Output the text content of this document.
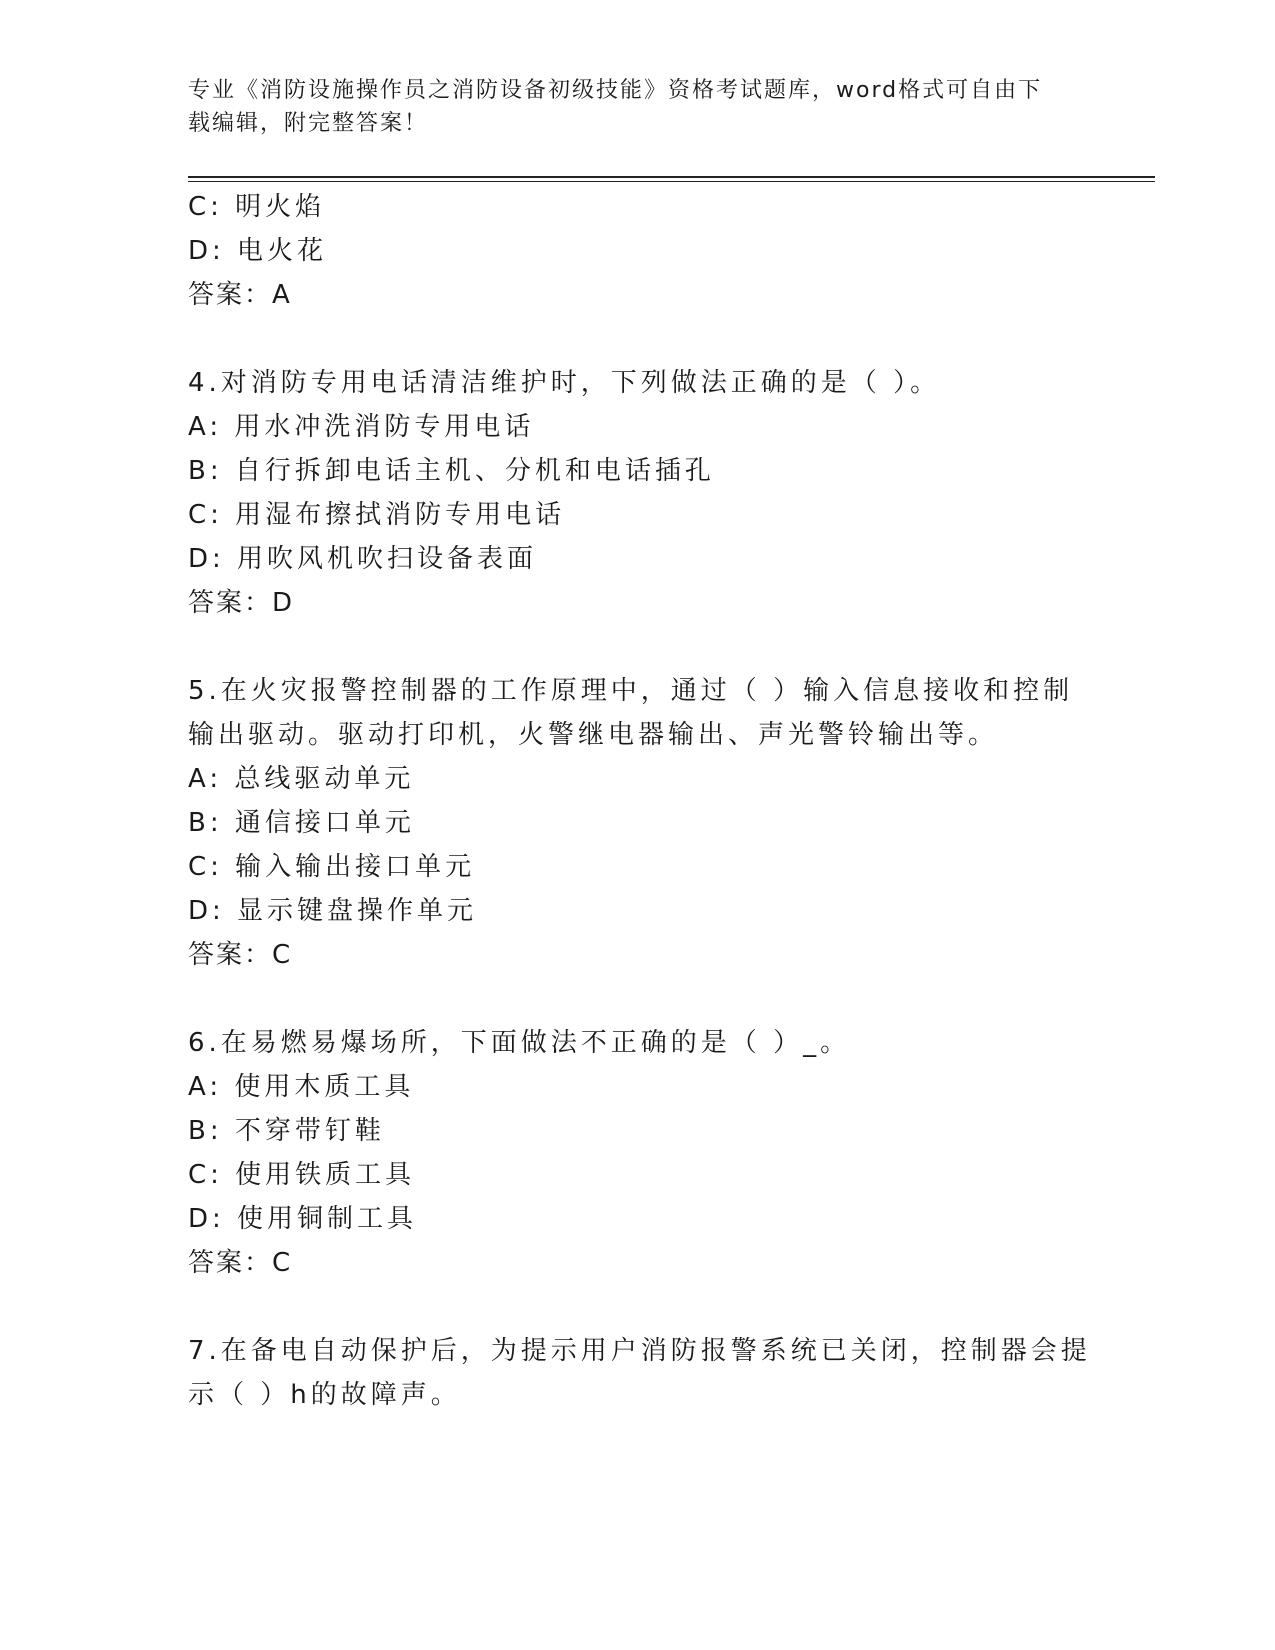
专业《消防设施操作员之消防设备初级技能》资格考试题库，word格式可自由下
载编辑，附完整答案！
C: 明火焰
D: 电火花
答案：A
4.对消防专用电话清洁维护时，下列做法正确的是（ ）。
A: 用水冲洗消防专用电话
B: 自行拆卸电话主机、分机和电话插孔
C: 用湿布擦拭消防专用电话
D: 用吹风机吹扫设备表面
答案：D
5.在火灾报警控制器的工作原理中，通过（ ）输入信息接收和控制
输出驱动。驱动打印机，火警继电器输出、声光警铃输出等。
A: 总线驱动单元
B: 通信接口单元
C: 输入输出接口单元
D: 显示键盘操作单元
答案：C
6.在易燃易爆场所，下面做法不正确的是（ ）_。
A: 使用木质工具
B: 不穿带钉鞋
C: 使用铁质工具
D: 使用铜制工具
答案：C
7.在备电自动保护后，为提示用户消防报警系统已关闭，控制器会提
示（ ）h的故障声。
